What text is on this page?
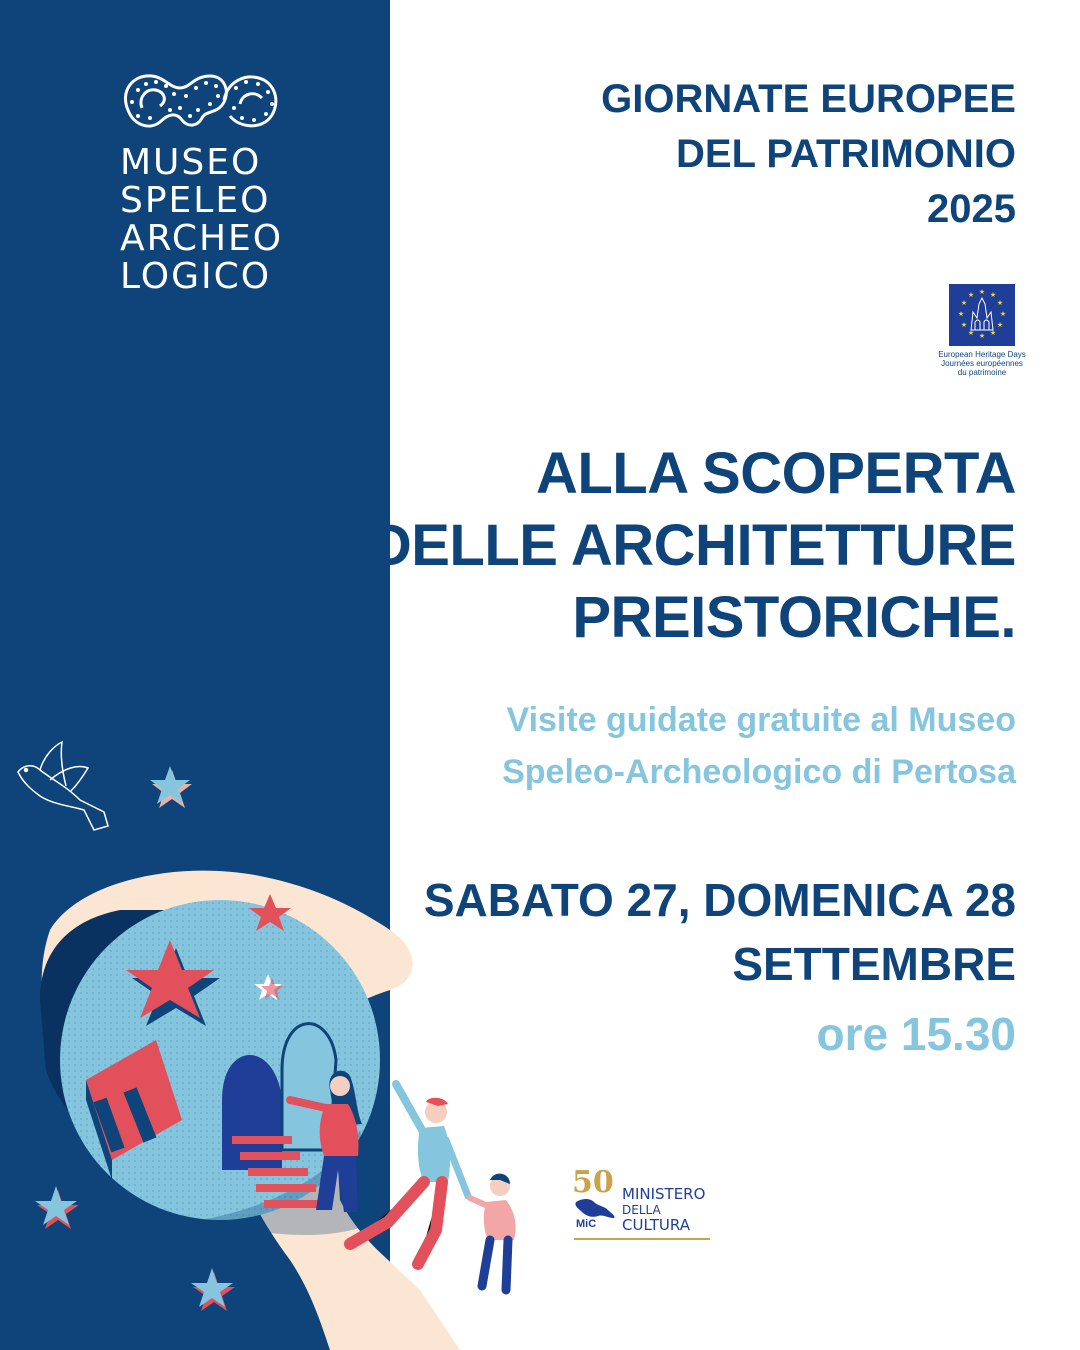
MUSEO
SPELEO
ARCHEO
LOGICO
GIORNATE EUROPEE
DEL PATRIMONIO
2025
★ ★
★
★
★
★
★
★
★
★
★
★
European Heritage Days
Journées européennes
du patrimoine
ALLA SCOPERTA
DELLE ARCHITETTURE
PREISTORICHE.
Visite guidate gratuite al Museo
Speleo-Archeologico di Pertosa
SABATO 27, DOMENICA 28
SETTEMBRE
ore 15.30
50
MiC
MINISTERO
DELLA
CULTURA
